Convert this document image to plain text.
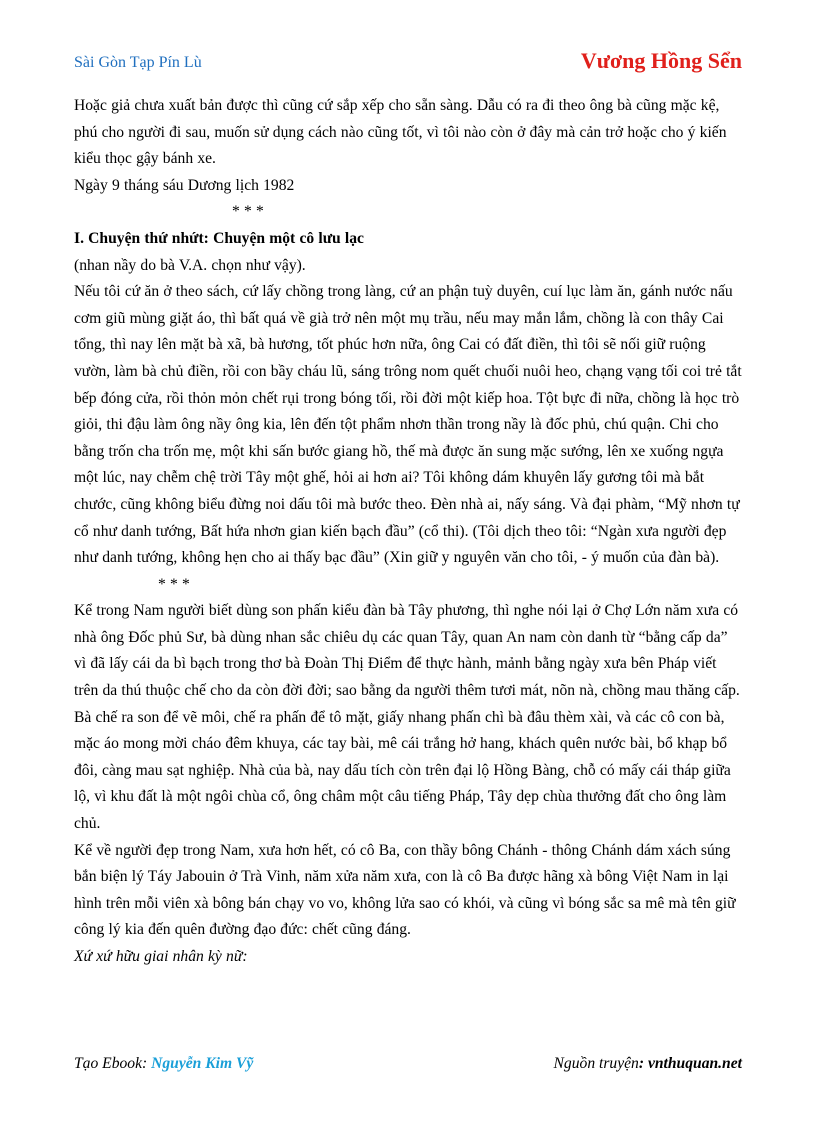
Sài Gòn Tạp Pín Lù	Vương Hồng Sển

Hoặc giả chưa xuất bản được thì cũng cứ sắp xếp cho sẵn sàng. Dẫu có ra đi theo ông bà cũng mặc kệ, phú cho người đi sau, muốn sử dụng cách nào cũng tốt, vì tôi nào còn ở đây mà cản trở hoặc cho ý kiến kiểu thọc gậy bánh xe.

Ngày 9 tháng sáu Dương lịch 1982

* * *

I. Chuyện thứ nhứt: Chuyện một cô lưu lạc

(nhan nầy do bà V.A. chọn như vậy).

Nếu tôi cứ ăn ở theo sách, cứ lấy chồng trong làng, cứ an phận tuỳ duyên, cuí lục làm ăn, gánh nước nấu cơm giũ mùng giặt áo, thì bất quá về già trở nên một mụ trầu, nếu may mắn lắm, chồng là con thây Cai tổng, thì nay lên mặt bà xã, bà hương, tốt phúc hơn nữa, ông Cai có đất điền, thì tôi sẽ nối giữ ruộng vườn, làm bà chủ điền, rồi con bầy cháu lũ, sáng trông nom quết chuối nuôi heo, chạng vạng tối coi trẻ tắt bếp đóng cửa, rồi thỏn mỏn chết rụi trong bóng tối, rồi đời một kiếp hoa. Tột bực đi nữa, chồng là học trò giỏi, thi đậu làm ông nầy ông kia, lên đến tột phẩm nhơn thần trong nầy là đốc phủ, chú quận. Chi cho bằng trốn cha trốn mẹ, một khi sấn bước giang hồ, thế mà được ăn sung mặc sướng, lên xe xuống ngựa một lúc, nay chễm chệ trời Tây một ghế, hỏi ai hơn ai? Tôi không dám khuyên lấy gương tôi mà bắt chước, cũng không biểu đừng noi dấu tôi mà bước theo. Đèn nhà ai, nấy sáng. Và đại phàm, “Mỹ nhơn tự cổ như danh tướng, Bất hứa nhơn gian kiến bạch đầu” (cổ thi). (Tôi dịch theo tôi: “Ngàn xưa người đẹp như danh tướng, không hẹn cho ai thấy bạc đầu” (Xin giữ y nguyên văn cho tôi, - ý muốn của đàn bà).

* * *

Kể trong Nam người biết dùng son phấn kiểu đàn bà Tây phương, thì nghe nói lại ở Chợ Lớn năm xưa có nhà ông Đốc phủ Sư, bà dùng nhan sắc chiêu dụ các quan Tây, quan An nam còn danh từ “bằng cấp da” vì đã lấy cái da bì bạch trong thơ bà Đoàn Thị Điểm để thực hành, mảnh bằng ngày xưa bên Pháp viết trên da thú thuộc chế cho da còn đời đời; sao bằng da người thêm tươi mát, nõn nà, chồng mau thăng cấp. Bà chế ra son để vẽ môi, chế ra phấn để tô mặt, giấy nhang phấn chì bà đâu thèm xài, và các cô con bà, mặc áo mong mời cháo đêm khuya, các tay bài, mê cái trắng hở hang, khách quên nước bài, bổ khạp bổ đôi, càng mau sạt nghiệp. Nhà của bà, nay dấu tích còn trên đại lộ Hồng Bàng, chỗ có mấy cái tháp giữa lộ, vì khu đất là một ngôi chùa cổ, ông châm một câu tiếng Pháp, Tây dẹp chùa thưởng đất cho ông làm chủ.

Kể về người đẹp trong Nam, xưa hơn hết, có cô Ba, con thầy bông Chánh - thông Chánh dám xách súng bắn biện lý Táy Jabouin ở Trà Vinh, năm xửa năm xưa, con là cô Ba được hãng xà bông Việt Nam in lại hình trên mỗi viên xà bông bán chạy vo vo, không lửa sao có khói, và cũng vì bóng sắc sa mê mà tên giữ công lý kia đến quên đường đạo đức: chết cũng đáng.

Xứ xứ hữu giai nhân kỳ nữ:

Tạo Ebook: Nguyễn Kim Vỹ	Nguồn truyện: vnthuquan.net
